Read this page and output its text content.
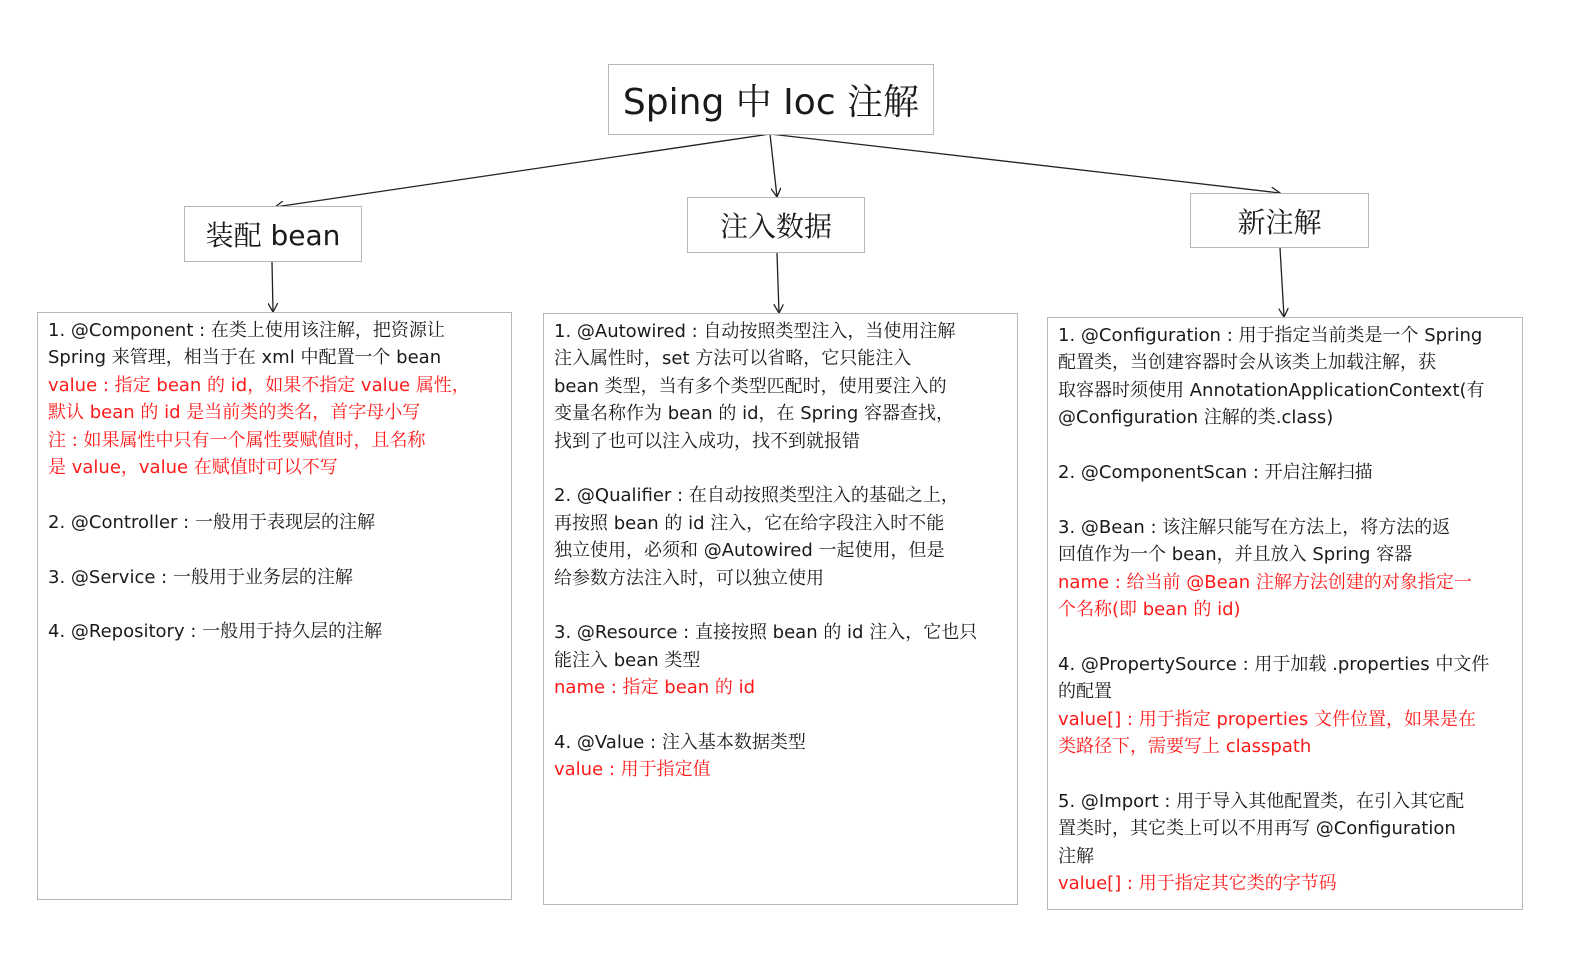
Sping 中 Ioc 注解
装配 bean	注入数据	新注解

1. @Component : 在类上使用该注解，把资源让

Spring 来管理，相当于在 xml 中配置一个 bean

value : 指定 bean 的 id，如果不指定 value 属性，

默认 bean 的 id 是当前类的类名，首字母小写

注 : 如果属性中只有一个属性要赋值时，且名称

是 value，value 在赋值时可以不写

2. @Controller : 一般用于表现层的注解

3. @Service : 一般用于业务层的注解

4. @Repository : 一般用于持久层的注解

1. @Autowired : 自动按照类型注入，当使用注解

注入属性时，set 方法可以省略，它只能注入

bean 类型，当有多个类型匹配时，使用要注入的

变量名称作为 bean 的 id，在 Spring 容器查找，

找到了也可以注入成功，找不到就报错

2. @Qualifier : 在自动按照类型注入的基础之上，

再按照 bean 的 id 注入，它在给字段注入时不能

独立使用，必须和 @Autowired 一起使用，但是

给参数方法注入时，可以独立使用

3. @Resource : 直接按照 bean 的 id 注入，它也只

能注入 bean 类型

name : 指定 bean 的 id

4. @Value : 注入基本数据类型

value : 用于指定值

1. @Configuration : 用于指定当前类是一个 Spring

配置类，当创建容器时会从该类上加载注解，获

取容器时须使用 AnnotationApplicationContext(有

@Configuration 注解的类.class)

2. @ComponentScan : 开启注解扫描

3. @Bean : 该注解只能写在方法上，将方法的返

回值作为一个 bean，并且放入 Spring 容器

name : 给当前 @Bean 注解方法创建的对象指定一

个名称(即 bean 的 id)

4. @PropertySource : 用于加载 .properties 中文件

的配置

value[] : 用于指定 properties 文件位置，如果是在

类路径下，需要写上 classpath

5. @Import : 用于导入其他配置类，在引入其它配

置类时，其它类上可以不用再写 @Configuration

注解

value[] : 用于指定其它类的字节码
